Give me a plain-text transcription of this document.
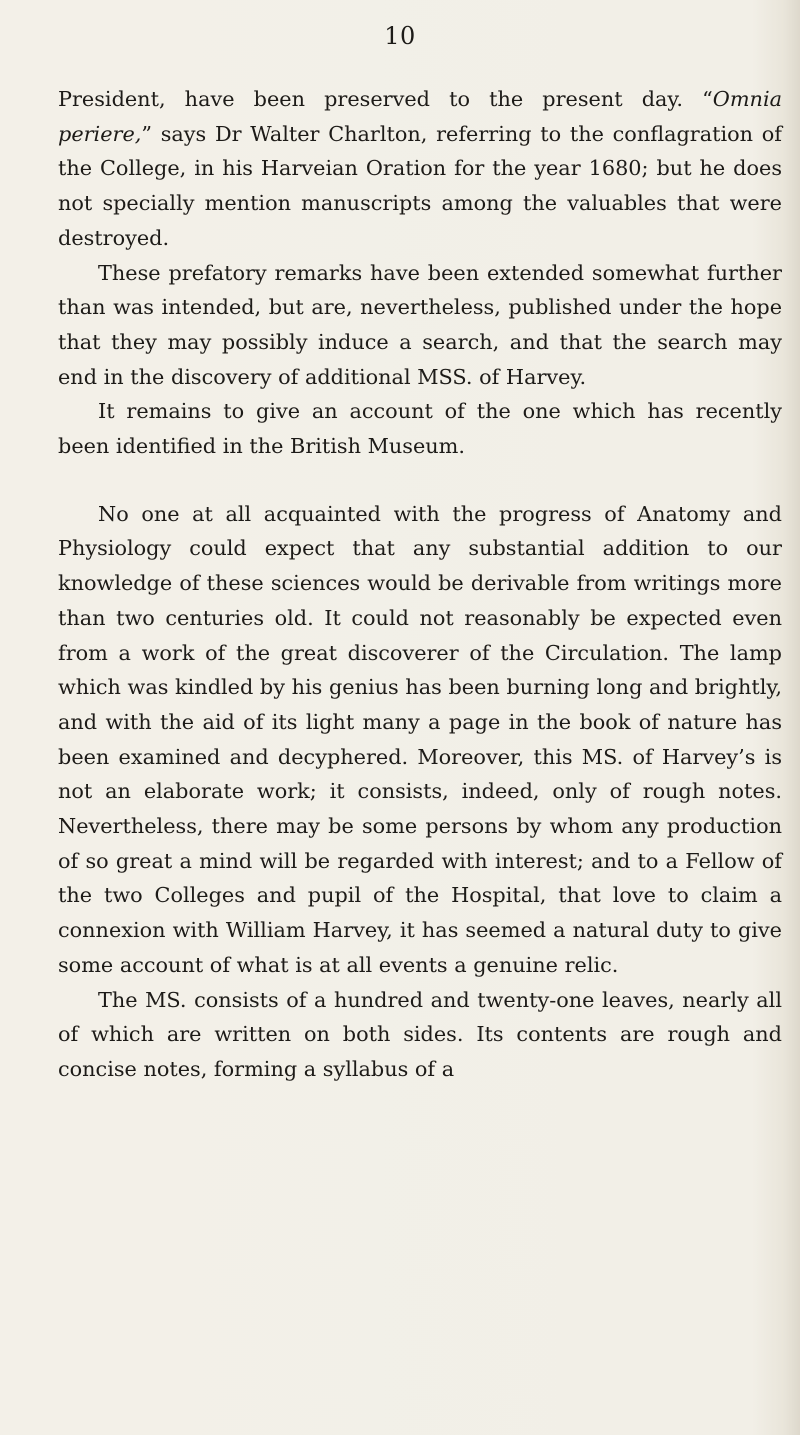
10

President, have been preserved to the present day. “Omnia periere,” says Dr Walter Charlton, referring to the conflagration of the College, in his Harveian Oration for the year 1680; but he does not specially mention manuscripts among the valuables that were destroyed.

These prefatory remarks have been extended somewhat further than was intended, but are, nevertheless, published under the hope that they may possibly induce a search, and that the search may end in the discovery of additional MSS. of Harvey.

It remains to give an account of the one which has recently been identified in the British Museum.

No one at all acquainted with the progress of Anatomy and Physiology could expect that any substantial addition to our knowledge of these sciences would be derivable from writings more than two centuries old. It could not reasonably be expected even from a work of the great discoverer of the Circulation. The lamp which was kindled by his genius has been burning long and brightly, and with the aid of its light many a page in the book of nature has been examined and decyphered. Moreover, this MS. of Harvey’s is not an elaborate work; it consists, indeed, only of rough notes. Nevertheless, there may be some persons by whom any production of so great a mind will be regarded with interest; and to a Fellow of the two Colleges and pupil of the Hospital, that love to claim a connexion with William Harvey, it has seemed a natural duty to give some account of what is at all events a genuine relic.

The MS. consists of a hundred and twenty-one leaves, nearly all of which are written on both sides. Its contents are rough and concise notes, forming a syllabus of a
